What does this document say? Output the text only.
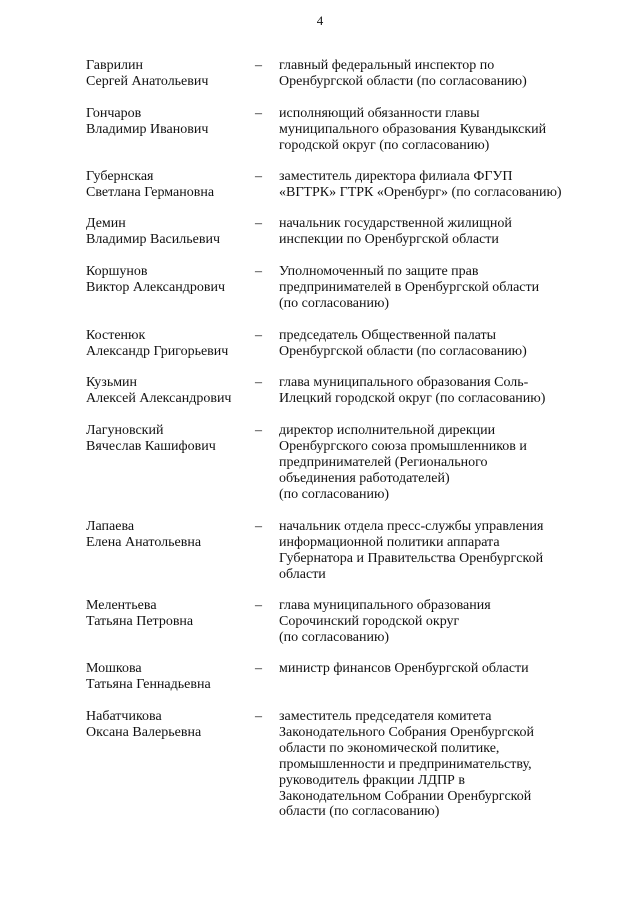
4
Гаврилин
Сергей Анатольевич
– главный федеральный инспектор по
Оренбургской области (по согласованию)
Гончаров
Владимир Иванович
– исполняющий обязанности главы
муниципального образования Кувандыкский
городской округ (по согласованию)
Губернская
Светлана Германовна
– заместитель директора филиала ФГУП
«ВГТРК» ГТРК «Оренбург» (по согласованию)
Демин
Владимир Васильевич
– начальник государственной жилищной
инспекции по Оренбургской области
Коршунов
Виктор Александрович
– Уполномоченный по защите прав
предпринимателей в Оренбургской области
(по согласованию)
Костенюк
Александр Григорьевич
– председатель Общественной палаты
Оренбургской области (по согласованию)
Кузьмин
Алексей Александрович
– глава муниципального образования Соль-
Илецкий городской округ (по согласованию)
Лагуновский
Вячеслав Кашифович
– директор исполнительной дирекции
Оренбургского союза промышленников и
предпринимателей (Регионального
объединения работодателей)
(по согласованию)
Лапаева
Елена Анатольевна
– начальник отдела пресс-службы управления
информационной политики аппарата
Губернатора и Правительства Оренбургской
области
Мелентьева
Татьяна Петровна
– глава муниципального образования
Сорочинский городской округ
(по согласованию)
Мошкова
Татьяна Геннадьевна
– министр финансов Оренбургской области
Набатчикова
Оксана Валерьевна
– заместитель председателя комитета
Законодательного Собрания Оренбургской
области по экономической политике,
промышленности и предпринимательству,
руководитель фракции ЛДПР в
Законодательном Собрании Оренбургской
области (по согласованию)
